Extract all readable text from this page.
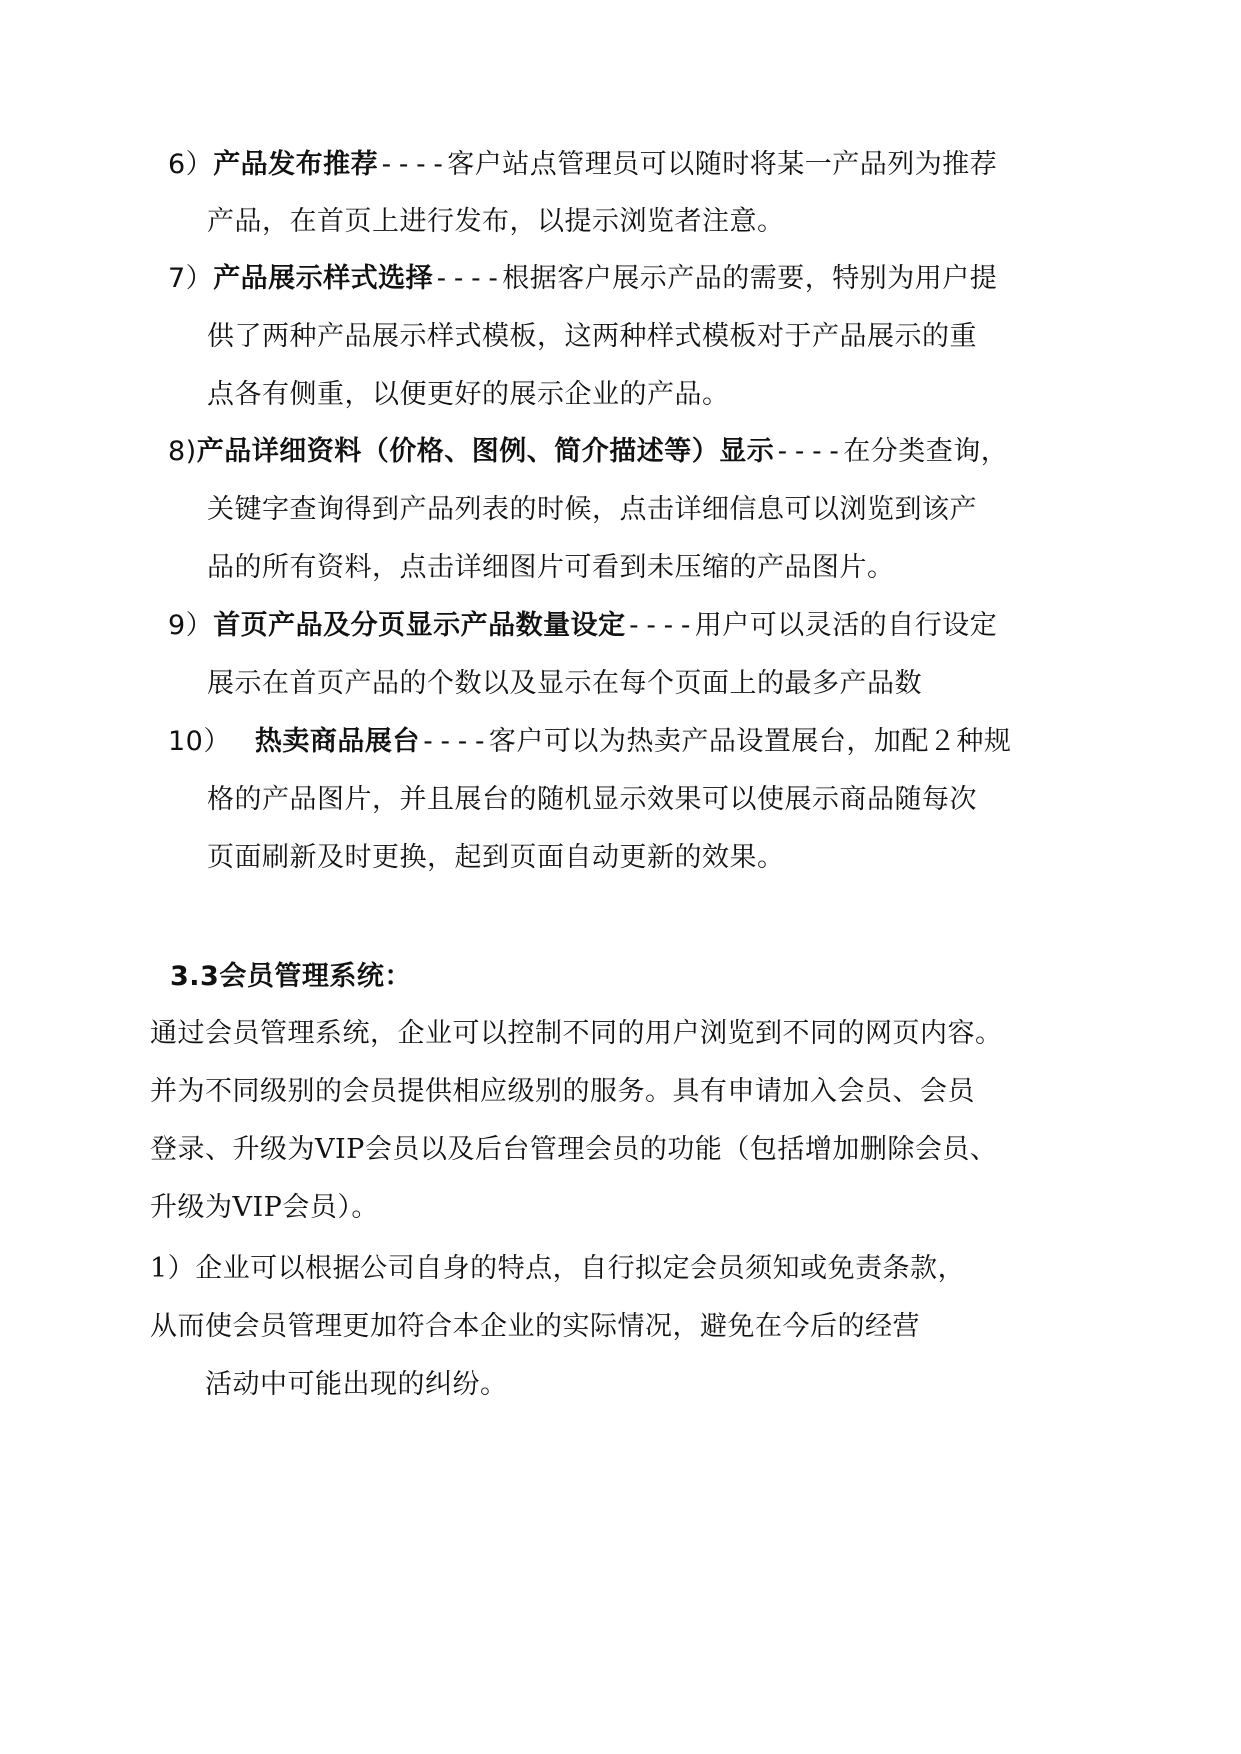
6）产品发布推荐----客户站点管理员可以随时将某一产品列为推荐
产品，在首页上进行发布，以提示浏览者注意。
7）产品展示样式选择----根据客户展示产品的需要，特别为用户提
供了两种产品展示样式模板，这两种样式模板对于产品展示的重
点各有侧重，以便更好的展示企业的产品。
8)产品详细资料（价格、图例、简介描述等）显示----在分类查询，
关键字查询得到产品列表的时候，点击详细信息可以浏览到该产
品的所有资料，点击详细图片可看到未压缩的产品图片。
9）首页产品及分页显示产品数量设定----用户可以灵活的自行设定
展示在首页产品的个数以及显示在每个页面上的最多产品数
10） 热卖商品展台----客户可以为热卖产品设置展台，加配２种规
格的产品图片，并且展台的随机显示效果可以使展示商品随每次
页面刷新及时更换，起到页面自动更新的效果。
3.3会员管理系统：
通过会员管理系统，企业可以控制不同的用户浏览到不同的网页内容。
并为不同级别的会员提供相应级别的服务。具有申请加入会员、会员
登录、升级为VIP会员以及后台管理会员的功能（包括增加删除会员、
升级为VIP会员）。
1）企业可以根据公司自身的特点，自行拟定会员须知或免责条款，
从而使会员管理更加符合本企业的实际情况，避免在今后的经营
活动中可能出现的纠纷。
